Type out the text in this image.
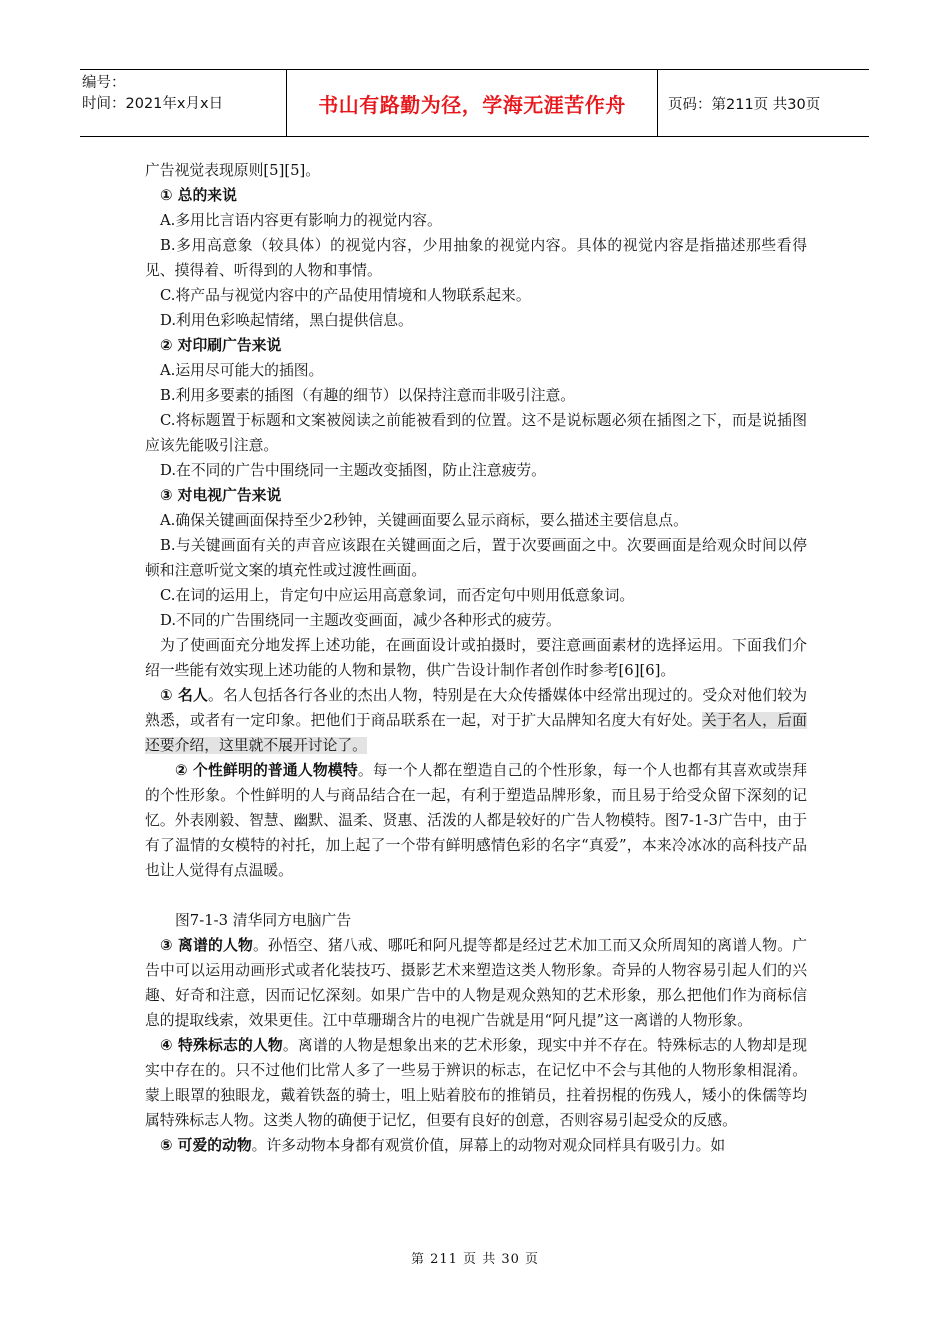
编号：
时间：2021年x月x日	书山有路勤为径，学海无涯苦作舟	页码：第211页 共30页

广告视觉表现原则[5][5]。

① 总的来说

A.多用比言语内容更有影响力的视觉内容。

B.多用高意象（较具体）的视觉内容，少用抽象的视觉内容。具体的视觉内容是指描述那些看得见、摸得着、听得到的人物和事情。

C.将产品与视觉内容中的产品使用情境和人物联系起来。

D.利用色彩唤起情绪，黑白提供信息。

② 对印刷广告来说

A.运用尽可能大的插图。

B.利用多要素的插图（有趣的细节）以保持注意而非吸引注意。

C.将标题置于标题和文案被阅读之前能被看到的位置。这不是说标题必须在插图之下，而是说插图应该先能吸引注意。

D.在不同的广告中围绕同一主题改变插图，防止注意疲劳。

③ 对电视广告来说

A.确保关键画面保持至少2秒钟，关键画面要么显示商标，要么描述主要信息点。

B.与关键画面有关的声音应该跟在关键画面之后，置于次要画面之中。次要画面是给观众时间以停顿和注意听觉文案的填充性或过渡性画面。

C.在词的运用上，肯定句中应运用高意象词，而否定句中则用低意象词。

D.不同的广告围绕同一主题改变画面，减少各种形式的疲劳。

为了使画面充分地发挥上述功能，在画面设计或拍摄时，要注意画面素材的选择运用。下面我们介绍一些能有效实现上述功能的人物和景物，供广告设计制作者创作时参考[6][6]。

① 名人。名人包括各行各业的杰出人物，特别是在大众传播媒体中经常出现过的。受众对他们较为熟悉，或者有一定印象。把他们于商品联系在一起，对于扩大品牌知名度大有好处。关于名人，后面还要介绍，这里就不展开讨论了。

② 个性鲜明的普通人物模特。每一个人都在塑造自己的个性形象，每一个人也都有其喜欢或崇拜的个性形象。个性鲜明的人与商品结合在一起，有利于塑造品牌形象，而且易于给受众留下深刻的记忆。外表刚毅、智慧、幽默、温柔、贤惠、活泼的人都是较好的广告人物模特。图7-1-3广告中，由于有了温情的女模特的衬托，加上起了一个带有鲜明感情色彩的名字“真爱”，本来冷冰冰的高科技产品也让人觉得有点温暖。

图7-1-3 清华同方电脑广告

③ 离谱的人物。孙悟空、猪八戒、哪吒和阿凡提等都是经过艺术加工而又众所周知的离谱人物。广告中可以运用动画形式或者化装技巧、摄影艺术来塑造这类人物形象。奇异的人物容易引起人们的兴趣、好奇和注意，因而记忆深刻。如果广告中的人物是观众熟知的艺术形象，那么把他们作为商标信息的提取线索，效果更佳。江中草珊瑚含片的电视广告就是用“阿凡提”这一离谱的人物形象。

④ 特殊标志的人物。离谱的人物是想象出来的艺术形象，现实中并不存在。特殊标志的人物却是现实中存在的。只不过他们比常人多了一些易于辨识的标志，在记忆中不会与其他的人物形象相混淆。蒙上眼罩的独眼龙，戴着铁盔的骑士，咀上贴着胶布的推销员，拄着拐棍的伤残人，矮小的侏儒等均属特殊标志人物。这类人物的确便于记忆，但要有良好的创意，否则容易引起受众的反感。

⑤ 可爱的动物。许多动物本身都有观赏价值，屏幕上的动物对观众同样具有吸引力。如

第 211 页 共 30 页
